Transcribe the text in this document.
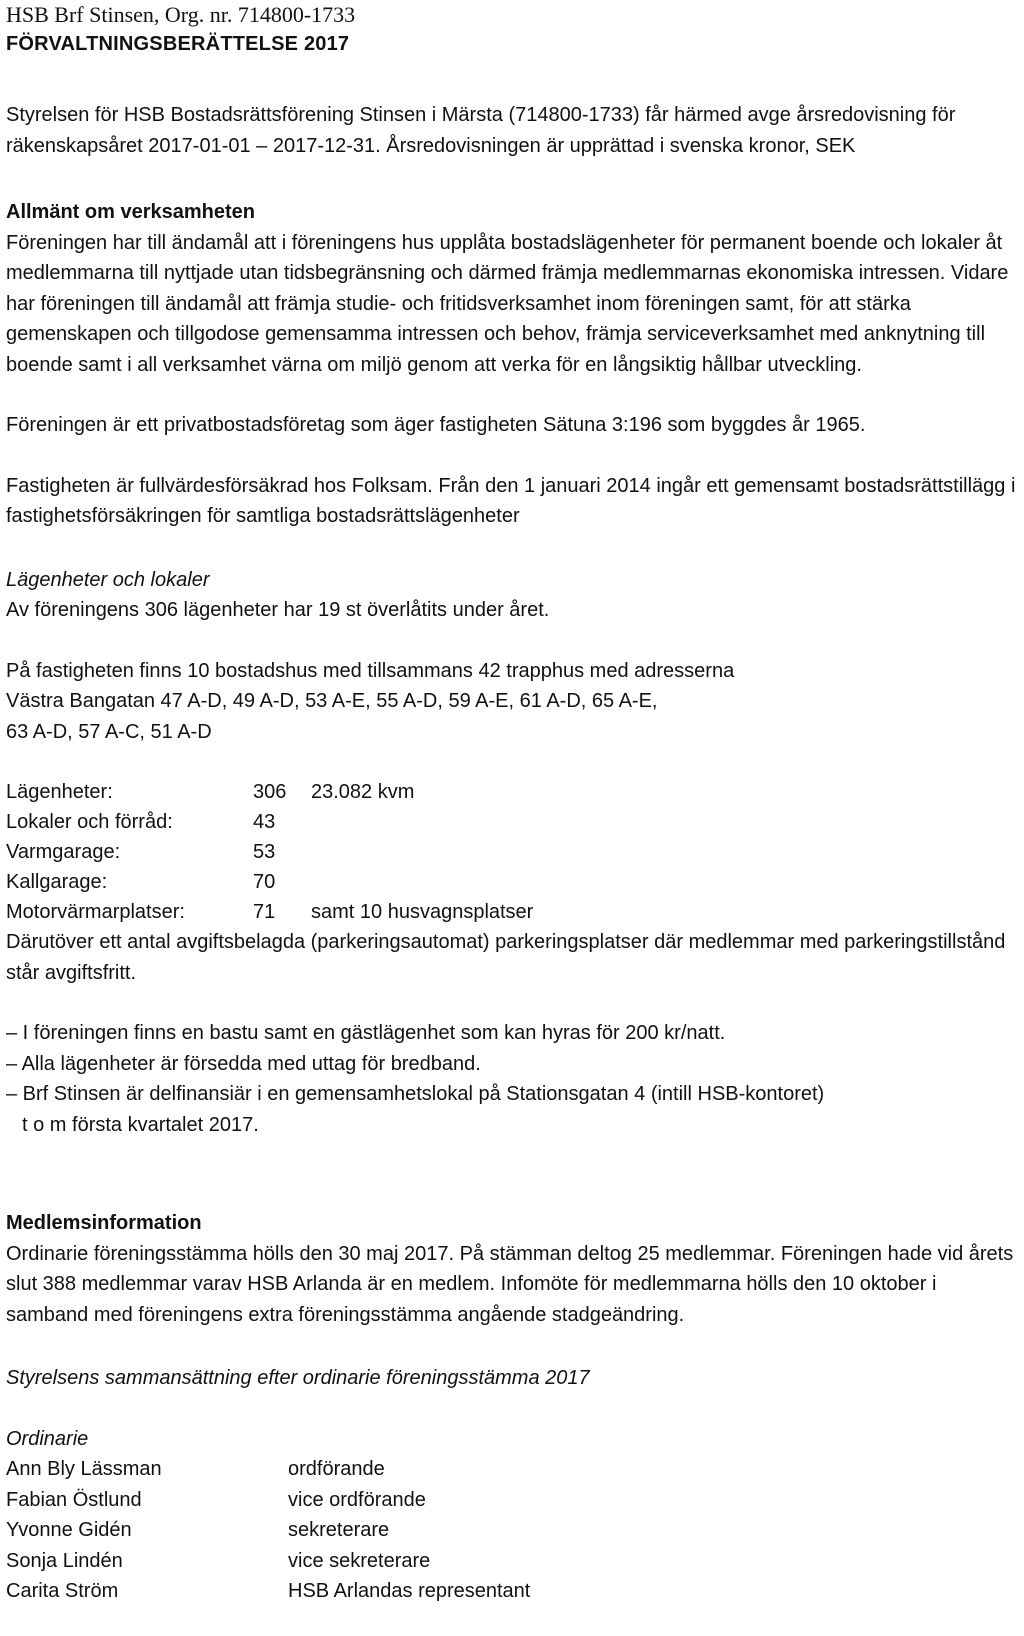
HSB Brf Stinsen, Org. nr. 714800-1733
FÖRVALTNINGSBERÄTTELSE 2017

Styrelsen för HSB Bostadsrättsförening Stinsen i Märsta (714800-1733) får härmed avge årsredovisning för räkenskapsåret 2017-01-01 – 2017-12-31. Årsredovisningen är upprättad i svenska kronor, SEK

Allmänt om verksamheten

Föreningen har till ändamål att i föreningens hus upplåta bostadslägenheter för permanent boende och lokaler åt medlemmarna till nyttjade utan tidsbegränsning och därmed främja medlemmarnas ekonomiska intressen. Vidare har föreningen till ändamål att främja studie- och fritidsverksamhet inom föreningen samt, för att stärka gemenskapen och tillgodose gemensamma intressen och behov, främja serviceverksamhet med anknytning till boende samt i all verksamhet värna om miljö genom att verka för en långsiktig hållbar utveckling.

Föreningen är ett privatbostadsföretag som äger fastigheten Sätuna 3:196 som byggdes år 1965.

Fastigheten är fullvärdesförsäkrad hos Folksam. Från den 1 januari 2014 ingår ett gemensamt bostadsrättstillägg i fastighetsförsäkringen för samtliga bostadsrättslägenheter

Lägenheter och lokaler

Av föreningens 306 lägenheter har 19 st överlåtits under året.

På fastigheten finns 10 bostadshus med tillsammans 42 trapphus med adresserna

Västra Bangatan 47 A-D, 49 A-D, 53 A-E, 55 A-D, 59 A-E, 61 A-D, 65 A-E,

63 A-D, 57 A-C, 51 A-D

Lägenheter:	306	23.082 kvm
Lokaler och förråd:	43	
Varmgarage:	53	
Kallgarage:	70	
Motorvärmarplatser:	71	samt 10 husvagnsplatser

Därutöver ett antal avgiftsbelagda (parkeringsautomat) parkeringsplatser där medlemmar med parkeringstillstånd står avgiftsfritt.

– I föreningen finns en bastu samt en gästlägenhet som kan hyras för 200 kr/natt.

– Alla lägenheter är försedda med uttag för bredband.

– Brf Stinsen är delfinansiär i en gemensamhetslokal på Stationsgatan 4 (intill HSB-kontoret)

t o m första kvartalet 2017.

Medlemsinformation

Ordinarie föreningsstämma hölls den 30 maj 2017. På stämman deltog 25 medlemmar. Föreningen hade vid årets slut 388 medlemmar varav HSB Arlanda är en medlem. Infomöte för medlemmarna hölls den 10 oktober i samband med föreningens extra föreningsstämma angående stadgeändring.

Styrelsens sammansättning efter ordinarie föreningsstämma 2017

Ordinarie

Ann Bly Lässman	ordförande
Fabian Östlund	vice ordförande
Yvonne Gidén	sekreterare
Sonja Lindén	vice sekreterare
Carita Ström	HSB Arlandas representant
